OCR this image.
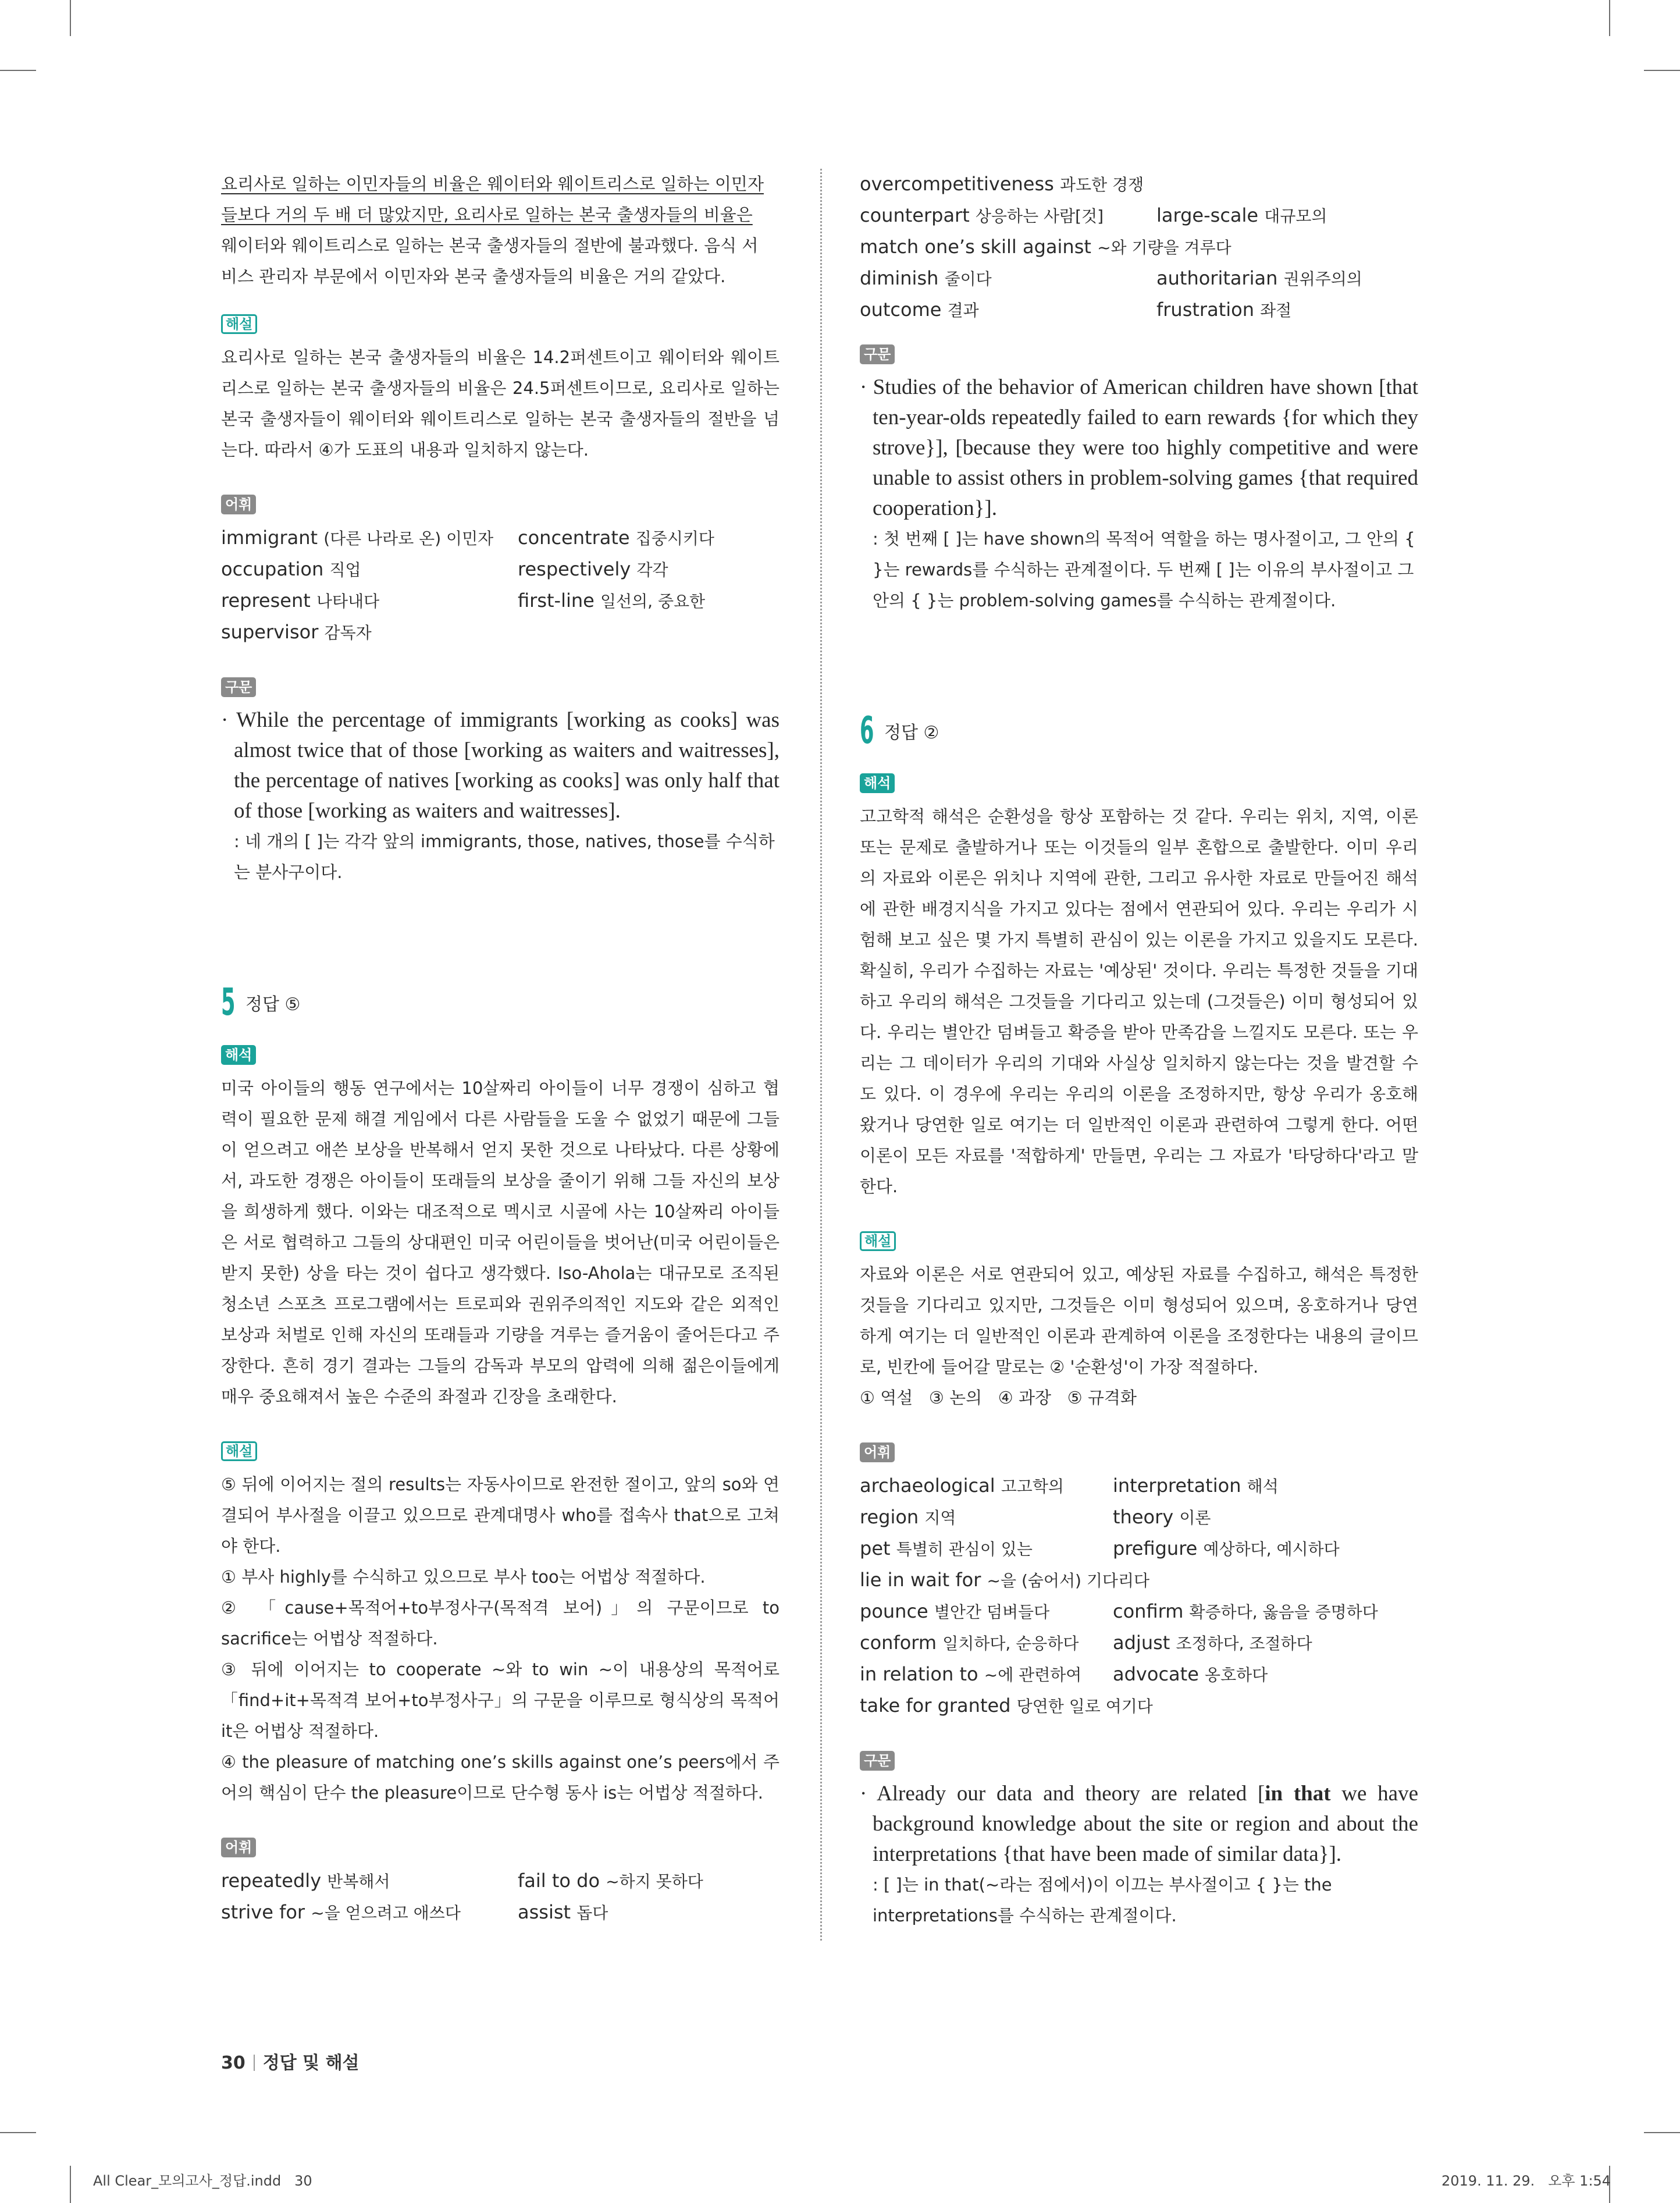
요리사로 일하는 이민자들의 비율은 웨이터와 웨이트리스로 일하는 이민자

들보다 거의 두 배 더 많았지만, 요리사로 일하는 본국 출생자들의 비율은

웨이터와 웨이트리스로 일하는 본국 출생자들의 절반에 불과했다. 음식 서

비스 관리자 부문에서 이민자와 본국 출생자들의 비율은 거의 같았다.

해설

요리사로 일하는 본국 출생자들의 비율은 14.2퍼센트이고 웨이터와 웨이트리스로 일하는 본국 출생자들의 비율은 24.5퍼센트이므로, 요리사로 일하는 본국 출생자들이 웨이터와 웨이트리스로 일하는 본국 출생자들의 절반을 넘는다. 따라서 ④가 도표의 내용과 일치하지 않는다.

어휘
immigrant (다른 나라로 온) 이민자	concentrate 집중시키다
occupation 직업	respectively 각각
represent 나타내다	first-line 일선의, 중요한
supervisor 감독자
구문

· While the percentage of immigrants [working as cooks] was almost twice that of those [working as waiters and waitresses], the percentage of natives [working as cooks] was only half that of those [working as waiters and waitresses].

: 네 개의 [ ]는 각각 앞의 immigrants, those, natives, those를 수식하는 분사구이다.

5 정답 ⑤
해석

미국 아이들의 행동 연구에서는 10살짜리 아이들이 너무 경쟁이 심하고 협력이 필요한 문제 해결 게임에서 다른 사람들을 도울 수 없었기 때문에 그들이 얻으려고 애쓴 보상을 반복해서 얻지 못한 것으로 나타났다. 다른 상황에서, 과도한 경쟁은 아이들이 또래들의 보상을 줄이기 위해 그들 자신의 보상을 희생하게 했다. 이와는 대조적으로 멕시코 시골에 사는 10살짜리 아이들은 서로 협력하고 그들의 상대편인 미국 어린이들을 벗어난(미국 어린이들은 받지 못한) 상을 타는 것이 쉽다고 생각했다. Iso-Ahola는 대규모로 조직된 청소년 스포츠 프로그램에서는 트로피와 권위주의적인 지도와 같은 외적인 보상과 처벌로 인해 자신의 또래들과 기량을 겨루는 즐거움이 줄어든다고 주장한다. 흔히 경기 결과는 그들의 감독과 부모의 압력에 의해 젊은이들에게 매우 중요해져서 높은 수준의 좌절과 긴장을 초래한다.

해설

⑤ 뒤에 이어지는 절의 results는 자동사이므로 완전한 절이고, 앞의 so와 연결되어 부사절을 이끌고 있으므로 관계대명사 who를 접속사 that으로 고쳐야 한다.

① 부사 highly를 수식하고 있으므로 부사 too는 어법상 적절하다.

② 「cause+목적어+to부정사구(목적격 보어)」의 구문이므로 to sacrifice는 어법상 적절하다.

③ 뒤에 이어지는 to cooperate ~와 to win ~이 내용상의 목적어로 「find+it+목적격 보어+to부정사구」의 구문을 이루므로 형식상의 목적어 it은 어법상 적절하다.

④ the pleasure of matching one’s skills against one’s peers에서 주어의 핵심이 단수 the pleasure이므로 단수형 동사 is는 어법상 적절하다.

어휘
repeatedly 반복해서	fail to do ~하지 못하다
strive for ~을 얻으려고 애쓰다	assist 돕다
overcompetitiveness 과도한 경쟁
counterpart 상응하는 사람[것]	large-scale 대규모의
match one’s skill against ~와 기량을 겨루다
diminish 줄이다	authoritarian 권위주의의
outcome 결과	frustration 좌절
구문

· Studies of the behavior of American children have shown [that ten-year-olds repeatedly failed to earn rewards {for which they strove}], [because they were too highly competitive and were unable to assist others in problem-solving games {that required cooperation}].

: 첫 번째 [ ]는 have shown의 목적어 역할을 하는 명사절이고, 그 안의 { }는 rewards를 수식하는 관계절이다. 두 번째 [ ]는 이유의 부사절이고 그 안의 { }는 problem-solving games를 수식하는 관계절이다.

6 정답 ②
해석

고고학적 해석은 순환성을 항상 포함하는 것 같다. 우리는 위치, 지역, 이론 또는 문제로 출발하거나 또는 이것들의 일부 혼합으로 출발한다. 이미 우리의 자료와 이론은 위치나 지역에 관한, 그리고 유사한 자료로 만들어진 해석에 관한 배경지식을 가지고 있다는 점에서 연관되어 있다. 우리는 우리가 시험해 보고 싶은 몇 가지 특별히 관심이 있는 이론을 가지고 있을지도 모른다. 확실히, 우리가 수집하는 자료는 '예상된' 것이다. 우리는 특정한 것들을 기대하고 우리의 해석은 그것들을 기다리고 있는데 (그것들은) 이미 형성되어 있다. 우리는 별안간 덤벼들고 확증을 받아 만족감을 느낄지도 모른다. 또는 우리는 그 데이터가 우리의 기대와 사실상 일치하지 않는다는 것을 발견할 수도 있다. 이 경우에 우리는 우리의 이론을 조정하지만, 항상 우리가 옹호해 왔거나 당연한 일로 여기는 더 일반적인 이론과 관련하여 그렇게 한다. 어떤 이론이 모든 자료를 '적합하게' 만들면, 우리는 그 자료가 '타당하다'라고 말한다.

해설

자료와 이론은 서로 연관되어 있고, 예상된 자료를 수집하고, 해석은 특정한 것들을 기다리고 있지만, 그것들은 이미 형성되어 있으며, 옹호하거나 당연하게 여기는 더 일반적인 이론과 관계하여 이론을 조정한다는 내용의 글이므로, 빈칸에 들어갈 말로는 ② '순환성'이 가장 적절하다.

① 역설   ③ 논의   ④ 과장   ⑤ 규격화

어휘
archaeological 고고학의	interpretation 해석
region 지역	theory 이론
pet 특별히 관심이 있는	prefigure 예상하다, 예시하다
lie in wait for ~을 (숨어서) 기다리다
pounce 별안간 덤벼들다	confirm 확증하다, 옳음을 증명하다
conform 일치하다, 순응하다	adjust 조정하다, 조절하다
in relation to ~에 관련하여	advocate 옹호하다
take for granted 당연한 일로 여기다
구문

· Already our data and theory are related [in that we have background knowledge about the site or region and about the interpretations {that have been made of similar data}].

: [ ]는 in that(~라는 점에서)이 이끄는 부사절이고 { }는 the interpretations를 수식하는 관계절이다.

30 정답 및 해설
All Clear_모의고사_정답.indd   30	2019. 11. 29.   오후 1:54
